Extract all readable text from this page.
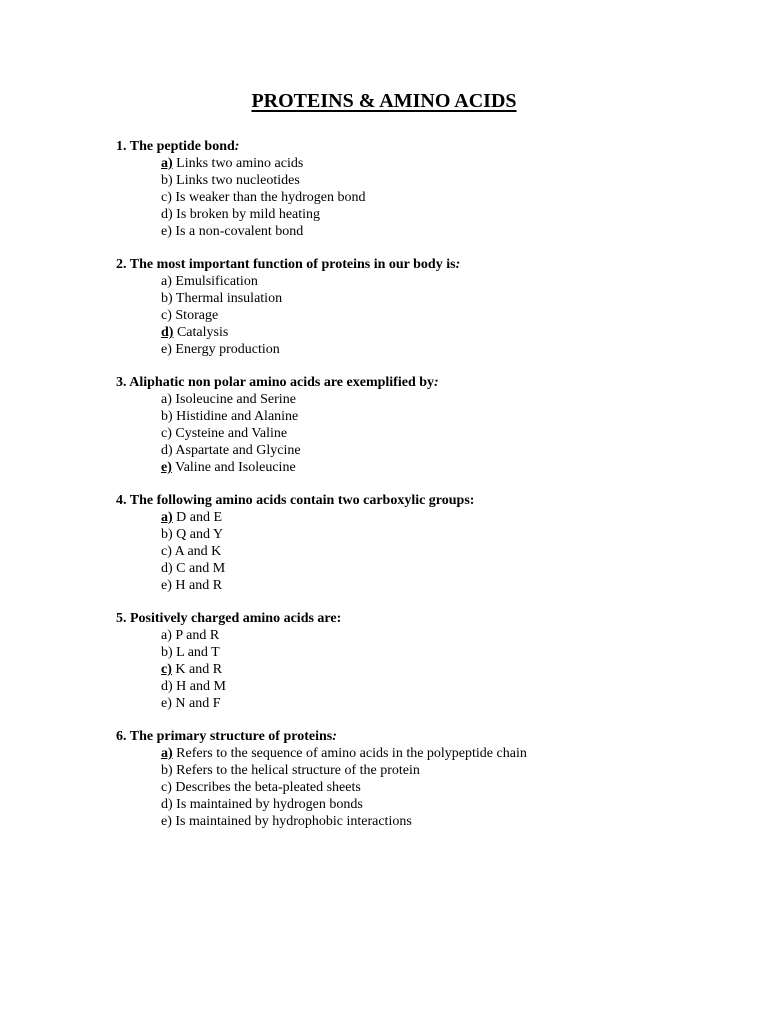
PROTEINS & AMINO ACIDS
1. The peptide bond:
a) Links two amino acids
b) Links two nucleotides
c) Is weaker than the hydrogen bond
d) Is broken by mild heating
e) Is a non-covalent bond
2. The most important function of proteins in our body is:
a) Emulsification
b) Thermal insulation
c) Storage
d) Catalysis
e) Energy production
3. Aliphatic non polar amino acids are exemplified by:
a) Isoleucine and Serine
b) Histidine and Alanine
c) Cysteine and Valine
d) Aspartate and Glycine
e) Valine and Isoleucine
4. The following amino acids contain two carboxylic groups:
a) D and E
b) Q and Y
c) A and K
d) C and M
e) H and R
5. Positively charged amino acids are:
a) P and R
b) L and T
c) K and R
d) H and M
e) N and F
6. The primary structure of proteins:
a) Refers to the sequence of amino acids in the polypeptide chain
b) Refers to the helical structure of the protein
c) Describes the beta-pleated sheets
d) Is maintained by hydrogen bonds
e) Is maintained by hydrophobic interactions
